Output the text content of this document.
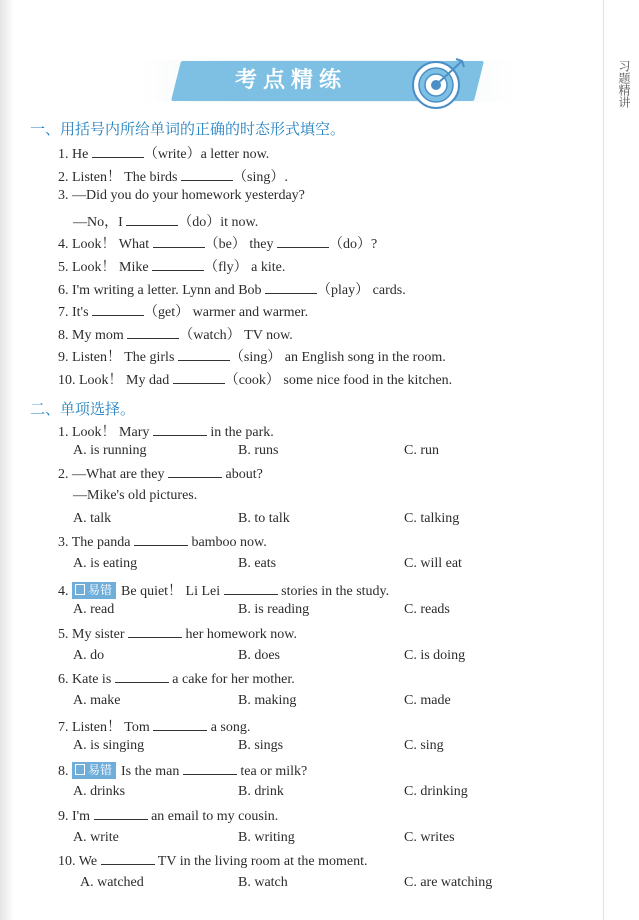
习题精讲
考点精练
一、用括号内所给单词的正确的时态形式填空。
1. He	（write）a letter now.
2. Listen！ The birds	（sing）.
3. —Did you do your homework yesterday?
—No，I	（do）it now.
4. Look！ What	（be） they	（do）?
5. Look！ Mike	（fly） a kite.
6. I'm writing a letter. Lynn and Bob	（play） cards.
7. It's	（get） warmer and warmer.
8. My mom	（watch） TV now.
9. Listen！ The girls	（sing） an English song in the room.
10. Look！ My dad	（cook） some nice food in the kitchen.
二、单项选择。
1. Look！ Mary	in the park.
A. is running	B. runs	C. run
2. —What are they	about?
—Mike's old pictures.
A. talk	B. to talk	C. talking
3. The panda	bamboo now.
A. is eating	B. eats	C. will eat
4. 易错 Be quiet！ Li Lei	stories in the study.
A. read	B. is reading	C. reads
5. My sister	her homework now.
A. do	B. does	C. is doing
6. Kate is	a cake for her mother.
A. make	B. making	C. made
7. Listen！ Tom	a song.
A. is singing	B. sings	C. sing
8. 易错 Is the man	tea or milk?
A. drinks	B. drink	C. drinking
9. I'm	an email to my cousin.
A. write	B. writing	C. writes
10. We	TV in the living room at the moment.
A. watched	B. watch	C. are watching
